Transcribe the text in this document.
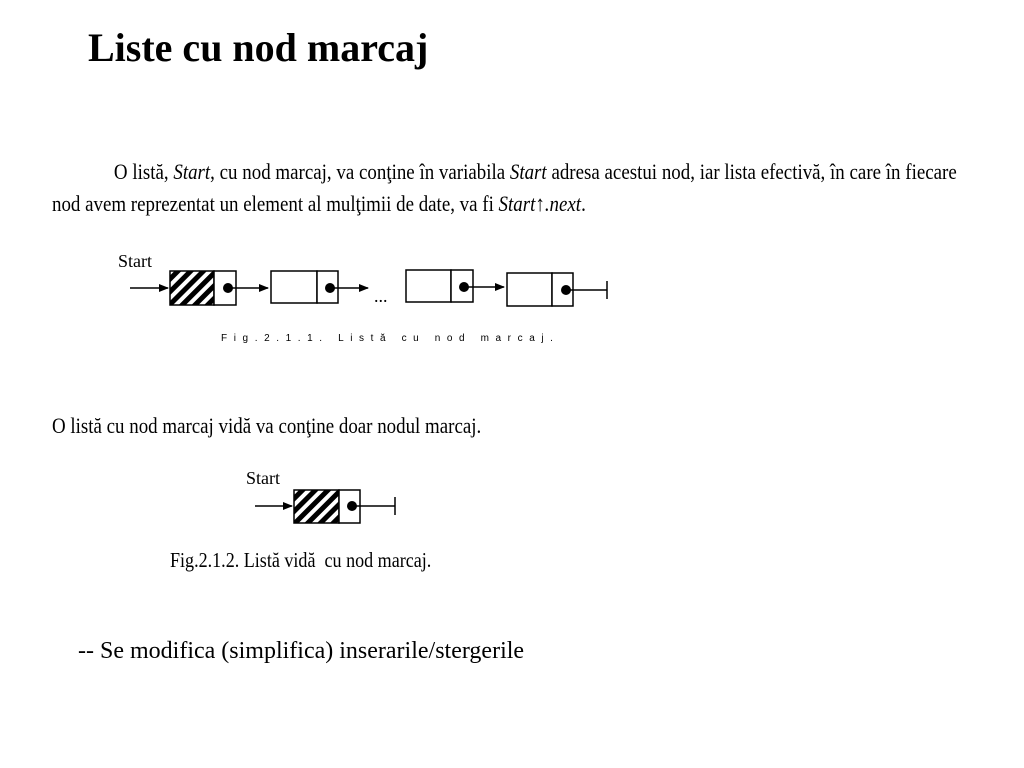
Liste cu nod marcaj
O listă, Start, cu nod marcaj, va conţine în variabila Start adresa acestui nod, iar lista efectivă, în care în fiecare nod avem reprezentat un element al mulţimii de date, va fi Start↑.next.
Start
...
Start
Fig.2.1.1. Listă cu nod marcaj.
O listă cu nod marcaj vidă va conţine doar nodul marcaj.
Fig.2.1.2. Listă vidă  cu nod marcaj.
-- Se modifica (simplifica) inserarile/stergerile
